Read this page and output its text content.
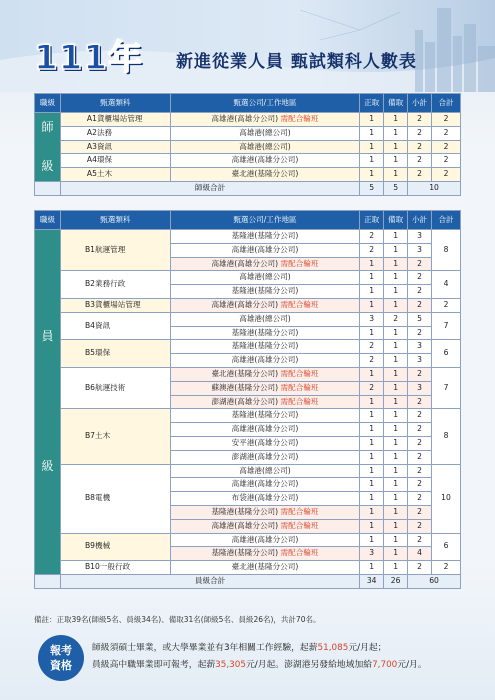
111年 新進從業人員 甄試類科人數表
職級	甄選類科	甄選公司/工作地區	正取	備取	小計	合計
師

級	A1貨櫃場站管理	高雄港(高雄分公司) 需配合輪班	1	1	2	2
	A2法務	高雄港(總公司)	1	1	2	2
	A3資訊	高雄港(總公司)	1	1	2	2
	A4環保	高雄港(高雄分公司)	1	1	2	2
	A5土木	臺北港(基隆分公司)	1	1	2	2
	師級合計		5	5	10	
職級	甄選類科	甄選公司/工作地區	正取	備取	小計	合計
員

級	B1航運管理	基隆港(基隆分公司)	2	1	3	8
		高雄港(高雄分公司)	2	1	3	
		高雄港(高雄分公司) 需配合輪班	1	1	2	
	B2業務行政	高雄港(總公司)	1	1	2	4
		基隆港(基隆分公司)	1	1	2	
	B3貨櫃場站管理	高雄港(高雄分公司) 需配合輪班	1	1	2	2
	B4資訊	高雄港(總公司)	3	2	5	7
		基隆港(基隆分公司)	1	1	2	
	B5環保	基隆港(基隆分公司)	2	1	3	6
		高雄港(高雄分公司)	2	1	3	
	B6航運技術	臺北港(基隆分公司) 需配合輪班	1	1	2	7
		蘇澳港(基隆分公司) 需配合輪班	2	1	3	
		澎湖港(高雄分公司) 需配合輪班	1	1	2	
	B7土木	基隆港(基隆分公司)	1	1	2	8
		高雄港(高雄分公司)	1	1	2	
		安平港(高雄分公司)	1	1	2	
		澎湖港(高雄分公司)	1	1	2	
	B8電機	高雄港(總公司)	1	1	2	10
		高雄港(高雄分公司)	1	1	2	
		布袋港(高雄分公司)	1	1	2	
		基隆港(基隆分公司) 需配合輪班	1	1	2	
		高雄港(高雄分公司) 需配合輪班	1	1	2	
	B9機械	高雄港(高雄分公司)	1	1	2	6
		基隆港(基隆分公司) 需配合輪班	3	1	4	
	B10一般行政	臺北港(基隆分公司)	1	1	2	2
	員級合計		34	26	60	
備註：正取39名(師級5名、員級34名)、備取31名(師級5名、員級26名)，共計70名。
報考
資格
師級須碩士畢業，或大學畢業並有3年相關工作經驗，起薪51,085元/月起；
員級高中職畢業即可報考，起薪35,305元/月起。澎湖港另發給地域加給7,700元/月。
